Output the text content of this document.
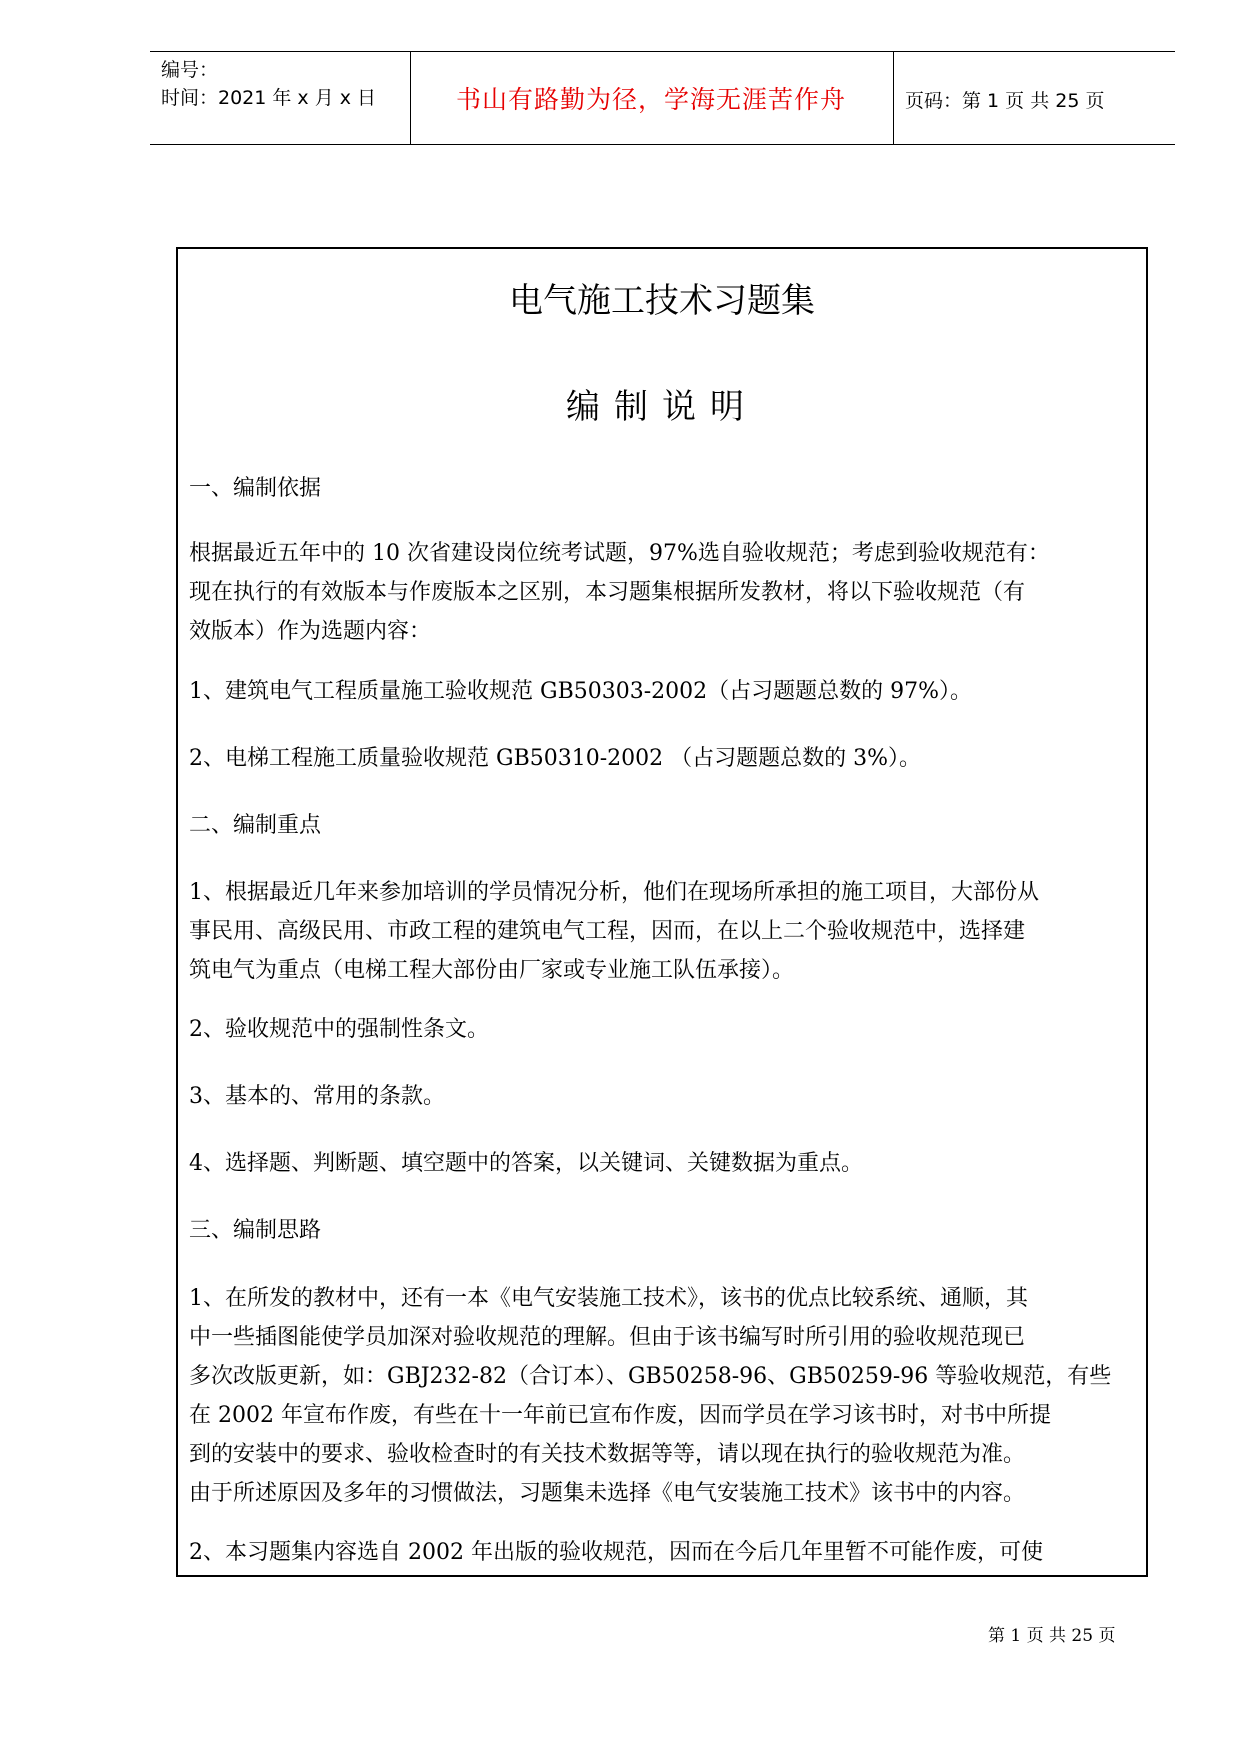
编号：
时间：2021 年 x 月 x 日	书山有路勤为径，学海无涯苦作舟	页码：第 1 页 共 25 页
电气施工技术习题集
编制说明
一、编制依据
根据最近五年中的 10 次省建设岗位统考试题，97%选自验收规范；考虑到验收规范有：
现在执行的有效版本与作废版本之区别，本习题集根据所发教材，将以下验收规范（有
效版本）作为选题内容：
1、建筑电气工程质量施工验收规范 GB50303-2002（占习题题总数的 97%）。
2、电梯工程施工质量验收规范 GB50310-2002 （占习题题总数的 3%）。
二、编制重点
1、根据最近几年来参加培训的学员情况分析，他们在现场所承担的施工项目，大部份从
事民用、高级民用、市政工程的建筑电气工程，因而，在以上二个验收规范中，选择建
筑电气为重点（电梯工程大部份由厂家或专业施工队伍承接）。
2、验收规范中的强制性条文。
3、基本的、常用的条款。
4、选择题、判断题、填空题中的答案，以关键词、关键数据为重点。
三、编制思路
1、在所发的教材中，还有一本《电气安装施工技术》，该书的优点比较系统、通顺，其
中一些插图能使学员加深对验收规范的理解。但由于该书编写时所引用的验收规范现已
多次改版更新，如：GBJ232-82（合订本）、GB50258-96、GB50259-96 等验收规范，有些
在 2002 年宣布作废，有些在十一年前已宣布作废，因而学员在学习该书时，对书中所提
到的安装中的要求、验收检查时的有关技术数据等等，请以现在执行的验收规范为准。
由于所述原因及多年的习惯做法，习题集未选择《电气安装施工技术》该书中的内容。
2、本习题集内容选自 2002 年出版的验收规范，因而在今后几年里暂不可能作废，可使
第 1 页 共 25 页
